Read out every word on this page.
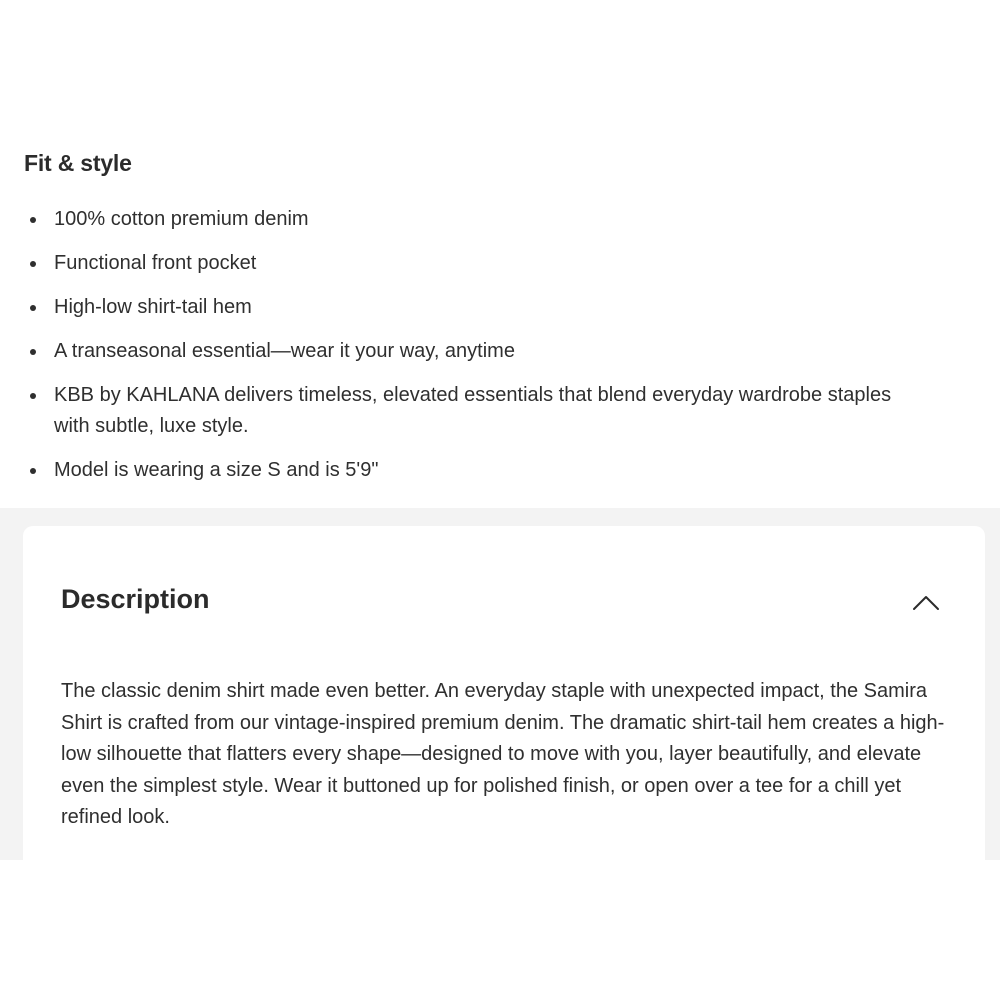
Fit & style
100% cotton premium denim
Functional front pocket
High-low shirt-tail hem
A transeasonal essential—wear it your way, anytime
KBB by KAHLANA delivers timeless, elevated essentials that blend everyday wardrobe staples with subtle, luxe style.
Model is wearing a size S and is 5'9"
Description

The classic denim shirt made even better. An everyday staple with unexpected impact, the Samira Shirt is crafted from our vintage-inspired premium denim. The dramatic shirt-tail hem creates a high-low silhouette that flatters every shape—designed to move with you, layer beautifully, and elevate even the simplest style. Wear it buttoned up for polished finish, or open over a tee for a chill yet refined look.
